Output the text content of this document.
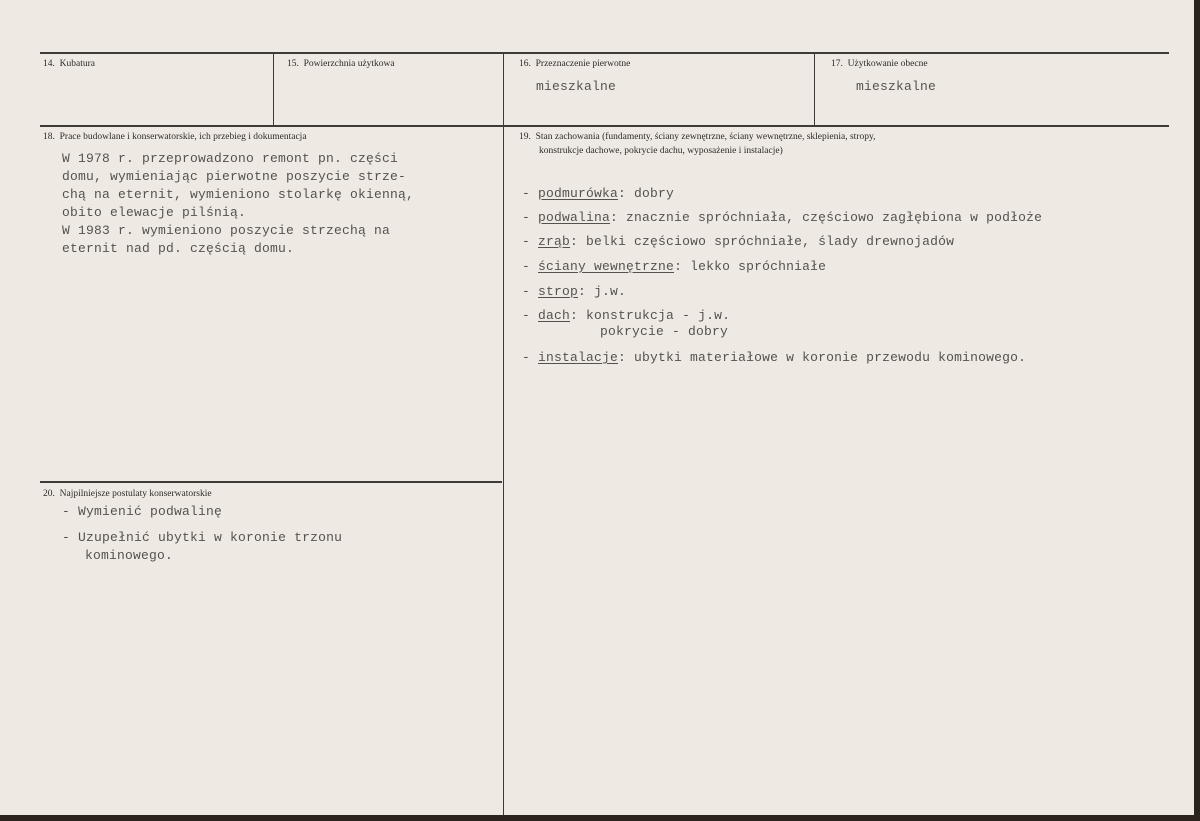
14. Kubatura	15. Powierzchnia użytkowa	16. Przeznaczenie pierwotne
mieszkalne
17. Użytkowanie obecne
mieszkalne
18. Prace budowlane i konserwatorskie, ich przebieg i dokumentacja
W 1978 r. przeprowadzono remont pn. części
domu, wymieniając pierwotne poszycie strze-
chą na eternit, wymieniono stolarkę okienną,
obito elewacje pilśnią.
W 1983 r. wymieniono poszycie strzechą na
eternit nad pd. częścią domu.
19. Stan zachowania (fundamenty, ściany zewnętrzne, ściany wewnętrzne, sklepienia, stropy,
konstrukcje dachowe, pokrycie dachu, wyposażenie i instalacje)
- podmurówka: dobry
- podwalina: znacznie spróchniała, częściowo zagłębiona w podłoże
- zrąb: belki częściowo spróchniałe, ślady drewnojadów
- ściany wewnętrzne: lekko spróchniałe
- strop: j.w.
- dach: konstrukcja - j.w.
pokrycie - dobry
- instalacje: ubytki materiałowe w koronie przewodu kominowego.
20. Najpilniejsze postulaty konserwatorskie
- Wymienić podwalinę
- Uzupełnić ubytki w koronie trzonu
kominowego.
